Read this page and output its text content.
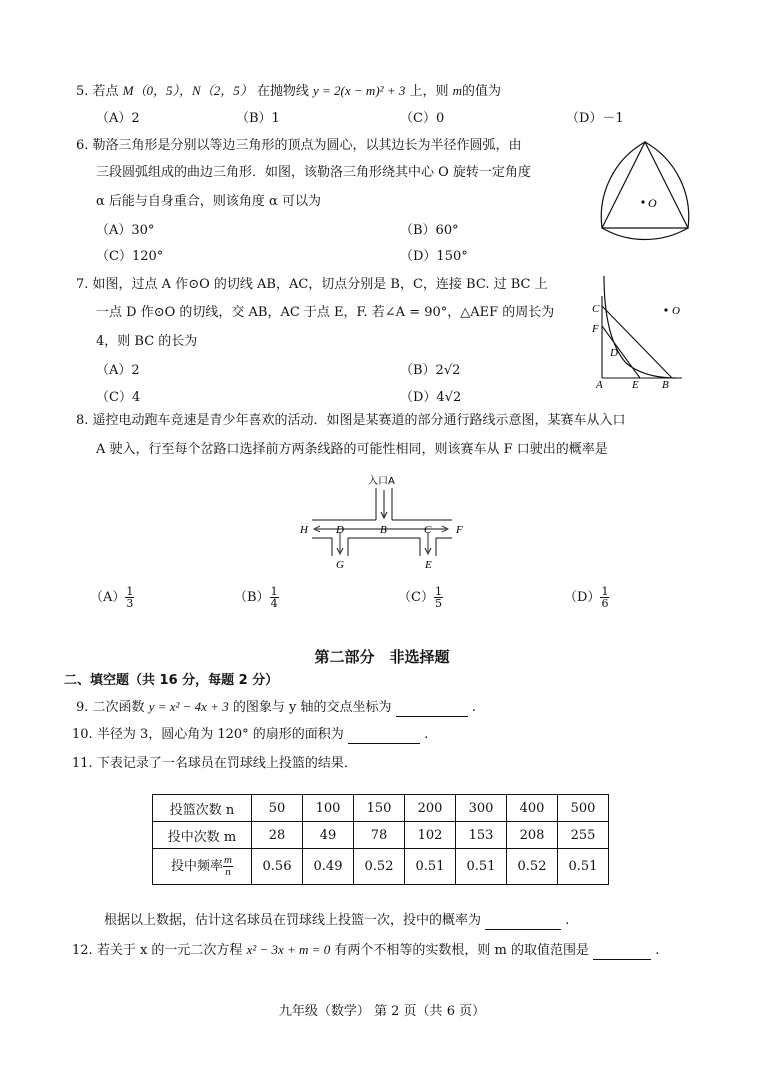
5. 若点 M（0，5），N（2，5） 在抛物线 y = 2(x − m)² + 3 上，则 m的值为
（A）2	（B）1	（C）0	（D）－1
6. 勒洛三角形是分别以等边三角形的顶点为圆心，以其边长为半径作圆弧，由
三段圆弧组成的曲边三角形．如图，该勒洛三角形绕其中心 O 旋转一定角度
α 后能与自身重合，则该角度 α 可以为
（A）30°	（B）60°
（C）120°	（D）150°
O
7. 如图，过点 A 作⊙O 的切线 AB，AC，切点分别是 B，C，连接 BC. 过 BC 上
一点 D 作⊙O 的切线，交 AB，AC 于点 E，F. 若∠A = 90°，△AEF 的周长为
4，则 BC 的长为
（A）2	（B）2√2
（C）4	（D）4√2
C
F
D
A	E B
O
8. 遥控电动跑车竞速是青少年喜欢的活动．如图是某赛道的部分通行路线示意图，某赛车从入口
A 驶入，行至每个岔路口选择前方两条线路的可能性相同，则该赛车从 F 口驶出的概率是
入口A
H	D	B	C F
G	E
$(A) \frac{1}{3}$	$(B) \frac{1}{4}$	$(C) \frac{1}{5}$	$(D) \frac{1}{6}$
第二部分　非选择题
二、填空题（共 16 分，每题 2 分）
9. 二次函数 y = x² − 4x + 3 的图象与 y 轴的交点坐标为	.
10. 半径为 3，圆心角为 120° 的扇形的面积为	.
11. 下表记录了一名球员在罚球线上投篮的结果．
投篮次数 n	50	100	150	200	300	400	500
投中次数 m	28	49	78	102	153	208	255
投中频率 $\frac{m}{n}$	0.56	0.49	0.52	0.51	0.51	0.52	0.51
根据以上数据，估计这名球员在罚球线上投篮一次，投中的概率为	.
12. 若关于 x 的一元二次方程 x² − 3x + m = 0 有两个不相等的实数根，则 m 的取值范围是	.
九年级（数学） 第 2 页（共 6 页）
